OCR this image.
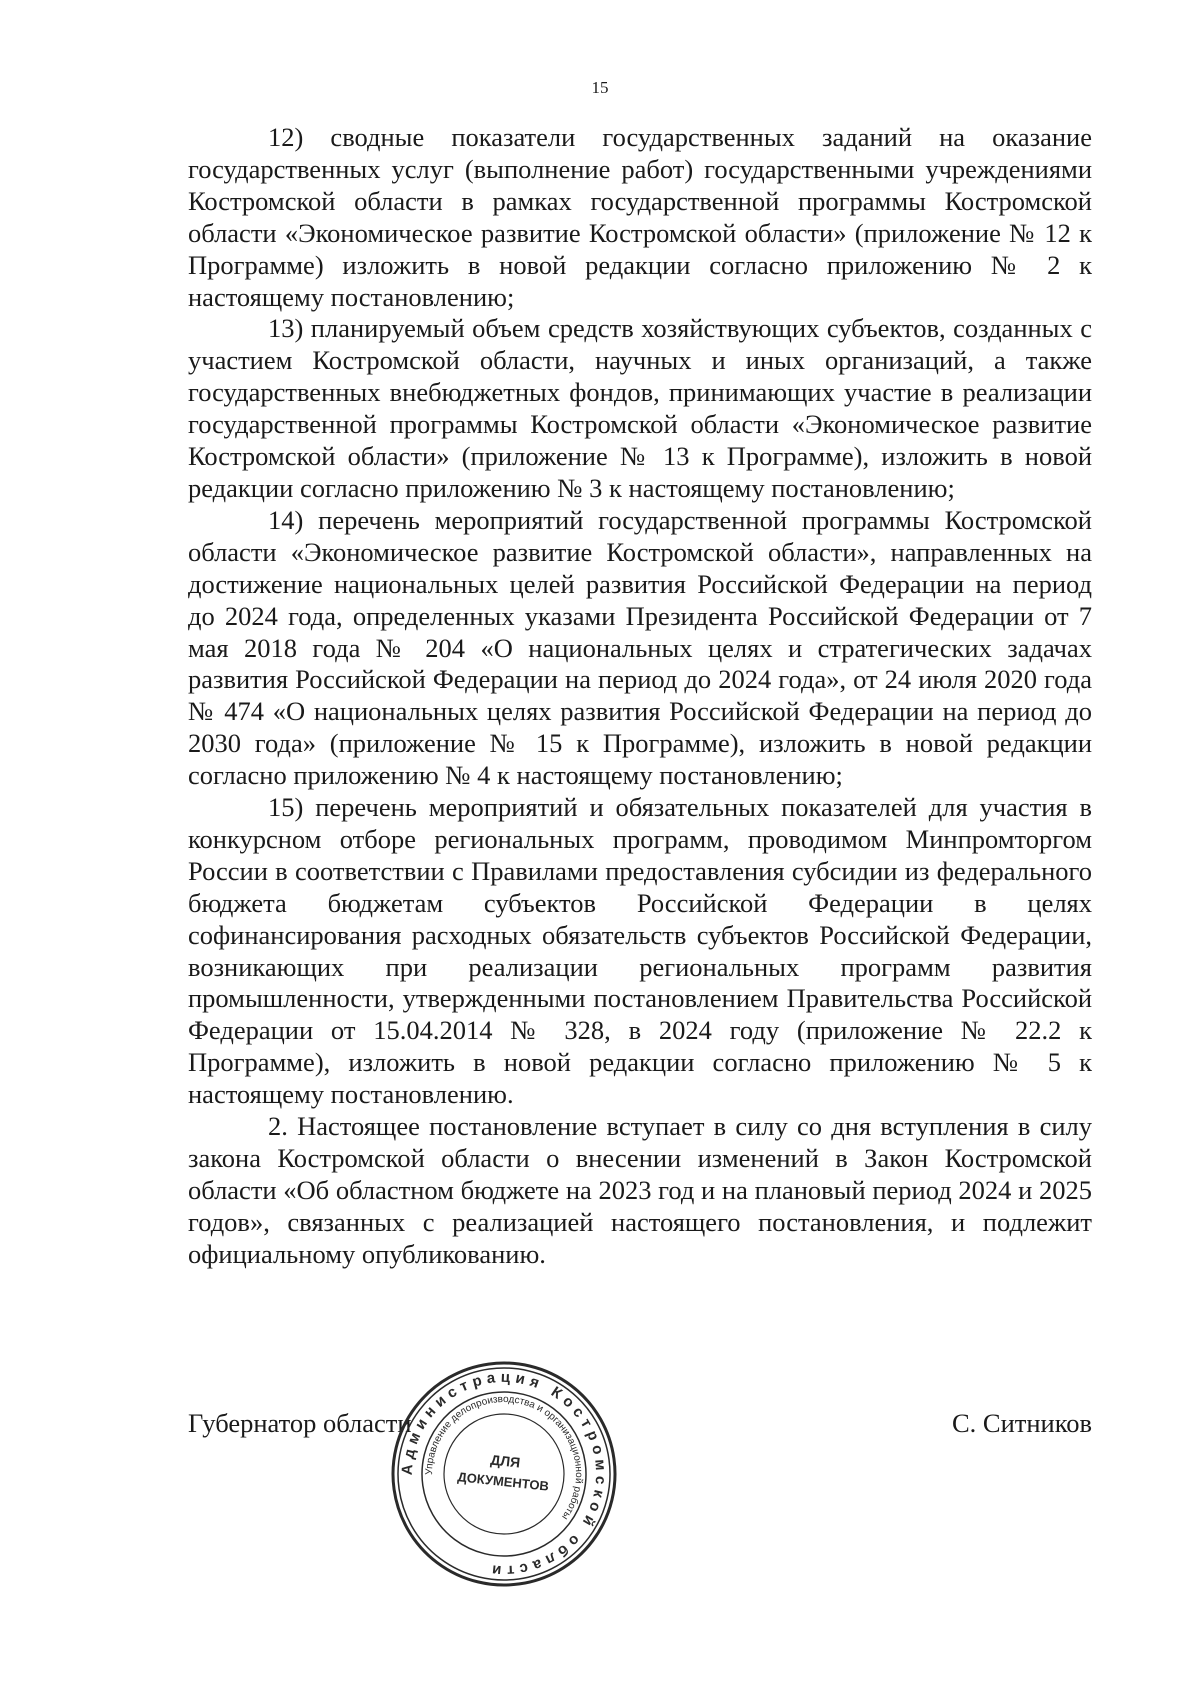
15

12) сводные показатели государственных заданий на оказание государственных услуг (выполнение работ) государственными учреждениями Костромской области в рамках государственной программы Костромской области «Экономическое развитие Костромской области» (приложение № 12 к Программе) изложить в новой редакции согласно приложению № 2 к настоящему постановлению;

13) планируемый объем средств хозяйствующих субъектов, созданных с участием Костромской области, научных и иных организаций, а также государственных внебюджетных фондов, принимающих участие в реализации государственной программы Костромской области «Экономическое развитие Костромской области» (приложение № 13 к Программе), изложить в новой редакции согласно приложению № 3 к настоящему постановлению;

14) перечень мероприятий государственной программы Костромской области «Экономическое развитие Костромской области», направленных на достижение национальных целей развития Российской Федерации на период до 2024 года, определенных указами Президента Российской Федерации от 7 мая 2018 года № 204 «О национальных целях и стратегических задачах развития Российской Федерации на период до 2024 года», от 24 июля 2020 года № 474 «О национальных целях развития Российской Федерации на период до 2030 года» (приложение № 15 к Программе), изложить в новой редакции согласно приложению № 4 к настоящему постановлению;

15) перечень мероприятий и обязательных показателей для участия в конкурсном отборе региональных программ, проводимом Минпромторгом России в соответствии с Правилами предоставления субсидии из федерального бюджета бюджетам субъектов Российской Федерации в целях софинансирования расходных обязательств субъектов Российской Федерации, возникающих при реализации региональных программ развития промышленности, утвержденными постановлением Правительства Российской Федерации от 15.04.2014 № 328, в 2024 году (приложение № 22.2 к Программе), изложить в новой редакции согласно приложению № 5 к настоящему постановлению.

2. Настоящее постановление вступает в силу со дня вступления в силу закона Костромской области о внесении изменений в Закон Костромской области «Об областном бюджете на 2023 год и на плановый период 2024 и 2025 годов», связанных с реализацией настоящего постановления, и подлежит официальному опубликованию.

Губернатор области	С. Ситников
Администрация Костромской области
Управление делопроизводства и организационной работы
ДЛЯ
ДОКУМЕНТОВ
